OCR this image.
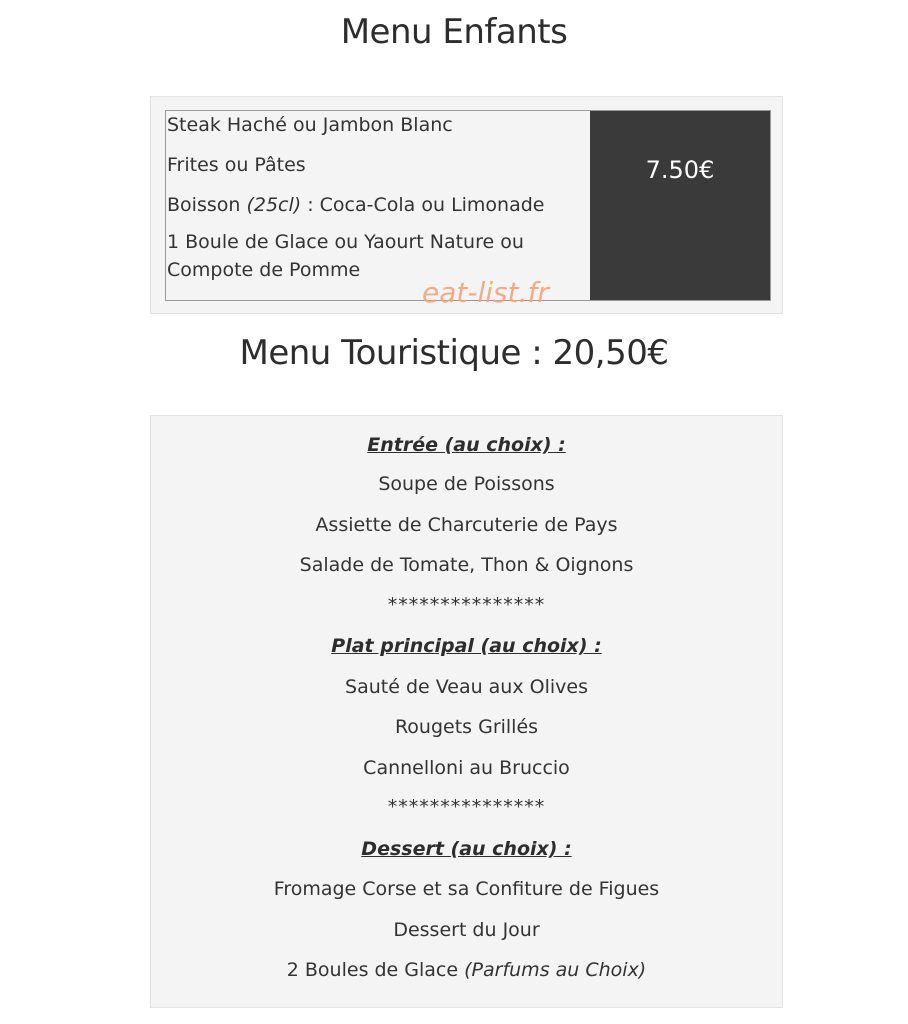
Menu Enfants

Steak Haché ou Jambon Blanc

Frites ou Pâtes

Boisson (25cl) : Coca-Cola ou Limonade

1 Boule de Glace ou Yaourt Nature ou Compote de Pomme

7.50€
eat-list.fr
Menu Touristique : 20,50€

Entrée (au choix) :

Soupe de Poissons

Assiette de Charcuterie de Pays

Salade de Tomate, Thon & Oignons

***************

Plat principal (au choix) :

Sauté de Veau aux Olives

Rougets Grillés

Cannelloni au Bruccio

***************

Dessert (au choix) :

Fromage Corse et sa Confiture de Figues

Dessert du Jour

2 Boules de Glace (Parfums au Choix)
